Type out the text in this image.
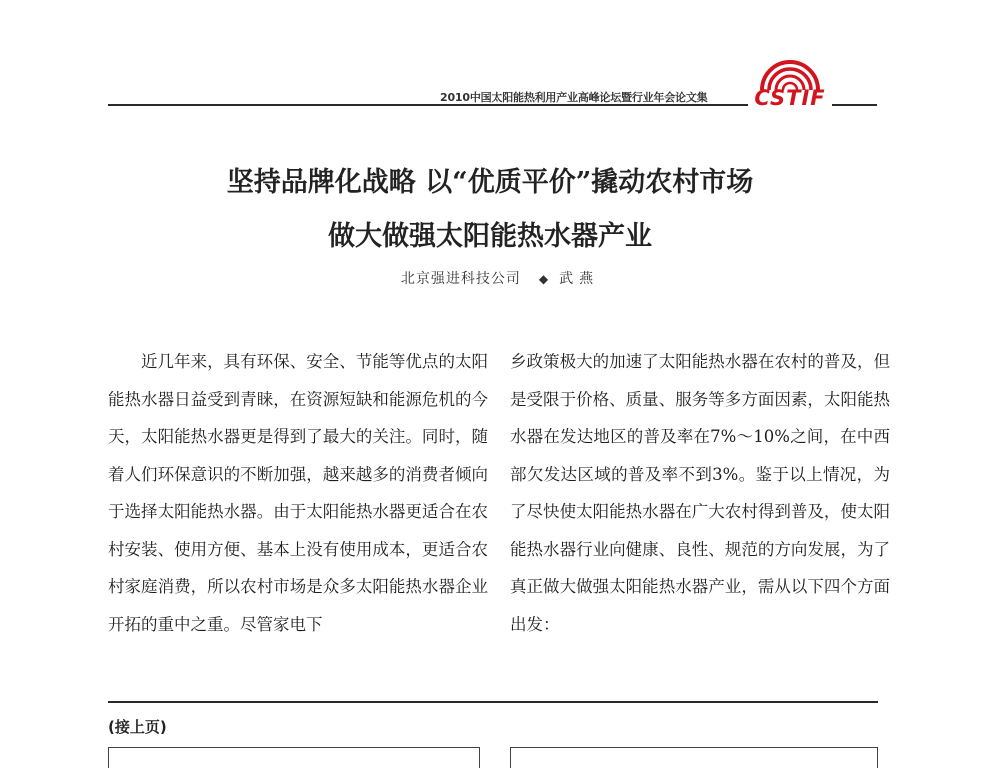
2010中国太阳能热利用产业高峰论坛暨行业年会论文集	CSTIF
坚持品牌化战略 以“优质平价”撬动农村市场
做大做强太阳能热水器产业
北京强进科技公司 ◆ 武燕

近几年来，具有环保、安全、节能等优点的太阳能热水器日益受到青睐，在资源短缺和能源危机的今天，太阳能热水器更是得到了最大的关注。同时，随着人们环保意识的不断加强，越来越多的消费者倾向于选择太阳能热水器。由于太阳能热水器更适合在农村安装、使用方便、基本上没有使用成本，更适合农村家庭消费，所以农村市场是众多太阳能热水器企业开拓的重中之重。尽管家电下

乡政策极大的加速了太阳能热水器在农村的普及，但是受限于价格、质量、服务等多方面因素，太阳能热水器在发达地区的普及率在7%～10%之间，在中西部欠发达区域的普及率不到3%。鉴于以上情况，为了尽快使太阳能热水器在广大农村得到普及，使太阳能热水器行业向健康、良性、规范的方向发展，为了真正做大做强太阳能热水器产业，需从以下四个方面出发：

(接上页)
